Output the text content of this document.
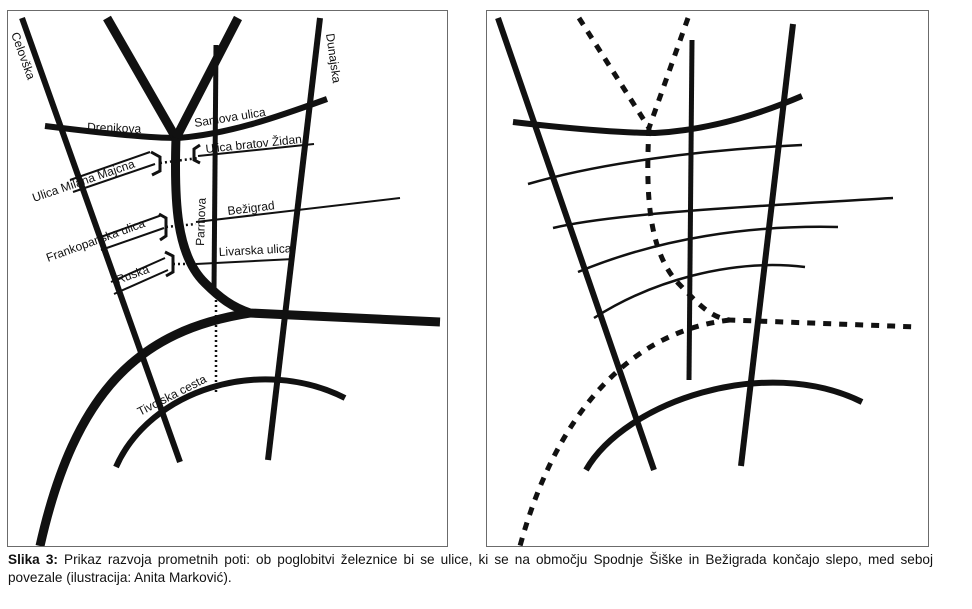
Celovška	Dunajska
Drenikova	Samova ulica
Ulica bratov Židan
Ulica Milana Majcna
Bežigrad
Frankopanska ulica	Parmova
Livarska ulica
Ruska
Tivolska cesta
Slika 3: Prikaz razvoja prometnih poti: ob poglobitvi železnice bi se ulice, ki se na območju Spodnje Šiške in Bežigrada končajo slepo, med seboj povezale (ilustracija: Anita Marković).
